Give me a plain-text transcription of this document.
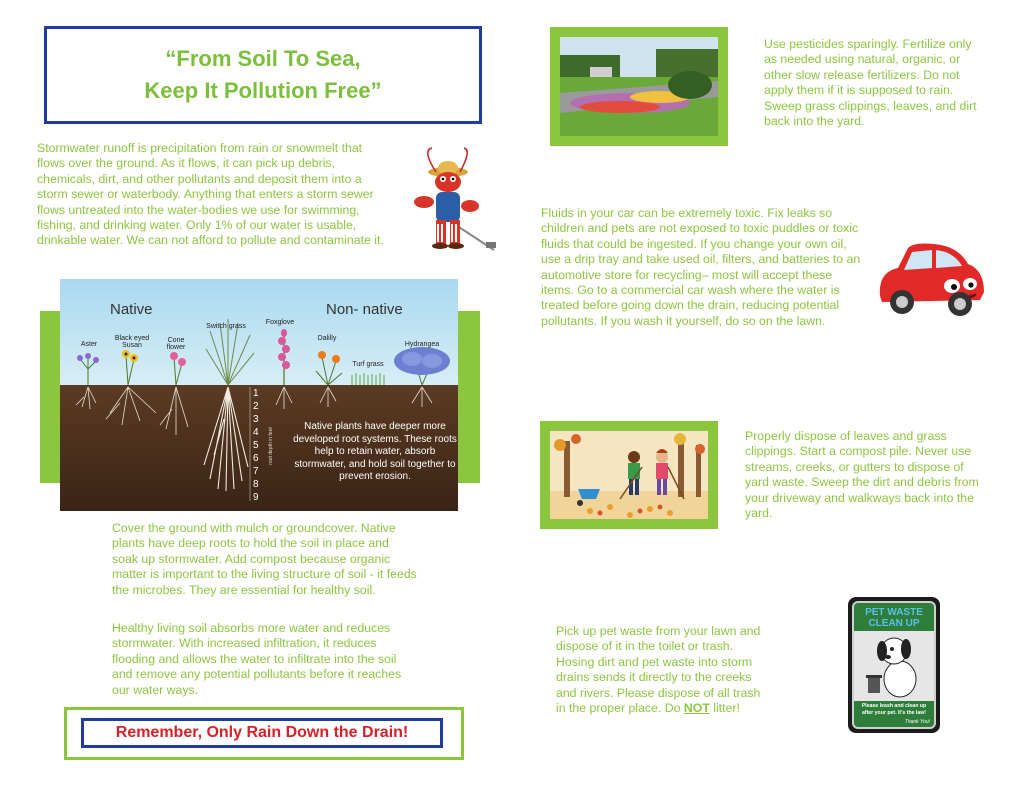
“From Soil To Sea,
Keep It Pollution Free”
Stormwater runoff is precipitation from rain or snowmelt that flows over the ground. As it flows, it can pick up debris, chemicals, dirt, and other pollutants and deposit them into a storm sewer or waterbody. Anything that enters a storm sewer flows untreated into the water-bodies we use for swimming, fishing, and drinking water. Only 1% of our water is usable, drinkable water. We can not afford to pollute and contaminate it.
Native	Non- native
Aster
Black eyed Susan
Cone flower
Switch grass
Foxglove
Dalilly
Turf grass
Hydrangea
1
2
3
4
5
6
7
8
9
root depth in feet
Native plants have deeper more developed root systems. These roots help to retain water, absorb stormwater, and hold soil together to prevent erosion.
Cover the ground with mulch or groundcover. Native plants have deep roots to hold the soil in place and soak up stormwater. Add compost because organic matter is important to the living structure of soil - it feeds the microbes. They are essential for healthy soil.
Healthy living soil absorbs more water and reduces stormwater. With increased infiltration, it reduces flooding and allows the water to infiltrate into the soil and remove any potential pollutants before it reaches our water ways.
Remember, Only Rain Down the Drain!
Use pesticides sparingly. Fertilize only as needed using natural, organic, or other slow release fertilizers. Do not apply them if it is supposed to rain. Sweep grass clippings, leaves, and dirt back into the yard.
Fluids in your car can be extremely toxic. Fix leaks so children and pets are not exposed to toxic puddles or toxic fluids that could be ingested. If you change your own oil, use a drip tray and take used oil, filters, and batteries to an automotive store for recycling– most will accept these items. Go to a commercial car wash where the water is treated before going down the drain, reducing potential pollutants. If you wash it yourself, do so on the lawn.
Properly dispose of leaves and grass clippings. Start a compost pile. Never use streams, creeks, or gutters to dispose of yard waste. Sweep the dirt and debris from your driveway and walkways back into the yard.
Pick up pet waste from your lawn and dispose of it in the toilet or trash. Hosing dirt and pet waste into storm drains sends it directly to the creeks and rivers. Please dispose of all trash in the proper place. Do NOT litter!
PET WASTE
CLEAN UP
Please leash and clean up after your pet. It's the law!
Thank You!
